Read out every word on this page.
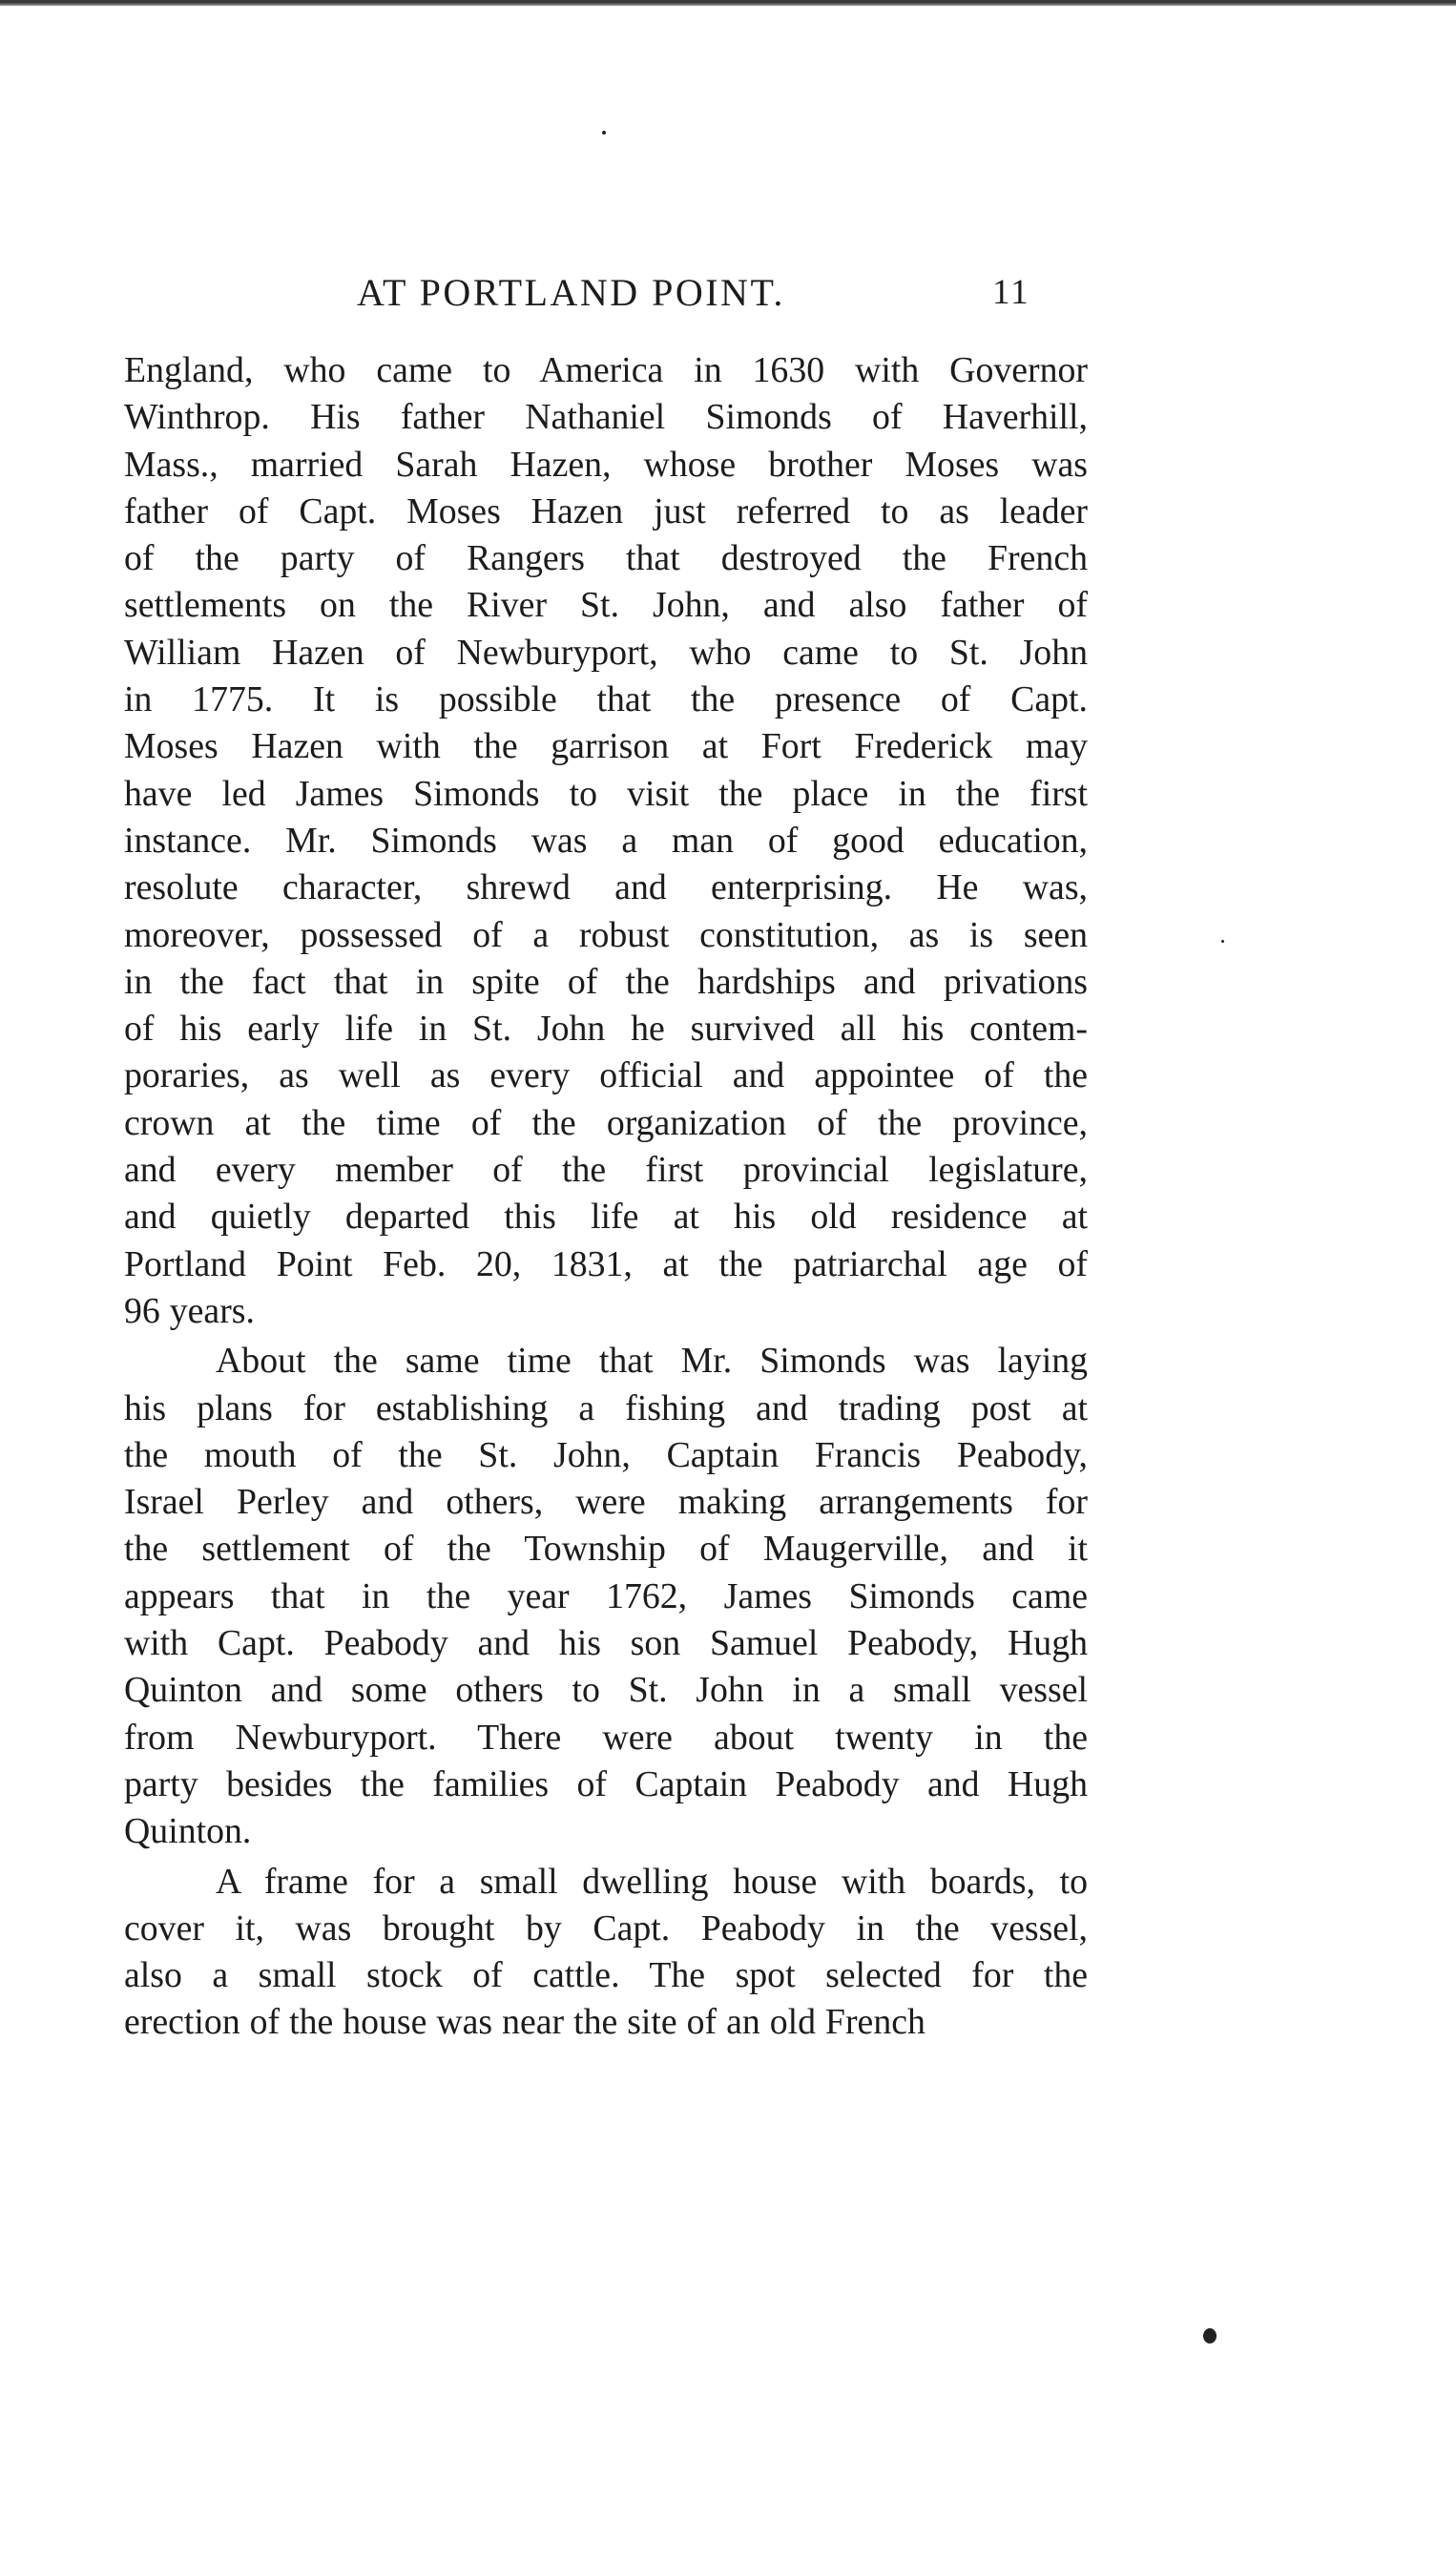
AT PORTLAND POINT.	11

England, who came to America in 1630 with Governor
Winthrop. His father Nathaniel Simonds of Haverhill,
Mass., married Sarah Hazen, whose brother Moses was
father of Capt. Moses Hazen just referred to as leader
of the party of Rangers that destroyed the French
settlements on the River St. John, and also father of
William Hazen of Newburyport, who came to St. John
in 1775. It is possible that the presence of Capt.
Moses Hazen with the garrison at Fort Frederick may
have led James Simonds to visit the place in the first
instance. Mr. Simonds was a man of good education,
resolute character, shrewd and enterprising. He was,
moreover, possessed of a robust constitution, as is seen
in the fact that in spite of the hardships and privations
of his early life in St. John he survived all his contem-
poraries, as well as every official and appointee of the
crown at the time of the organization of the province,
and every member of the first provincial legislature,
and quietly departed this life at his old residence at
Portland Point Feb. 20, 1831, at the patriarchal age of
96 years.

About the same time that Mr. Simonds was laying
his plans for establishing a fishing and trading post at
the mouth of the St. John, Captain Francis Peabody,
Israel Perley and others, were making arrangements for
the settlement of the Township of Maugerville, and it
appears that in the year 1762, James Simonds came
with Capt. Peabody and his son Samuel Peabody, Hugh
Quinton and some others to St. John in a small vessel
from Newburyport. There were about twenty in the
party besides the families of Captain Peabody and Hugh
Quinton.

A frame for a small dwelling house with boards, to
cover it, was brought by Capt. Peabody in the vessel,
also a small stock of cattle. The spot selected for the
erection of the house was near the site of an old French
